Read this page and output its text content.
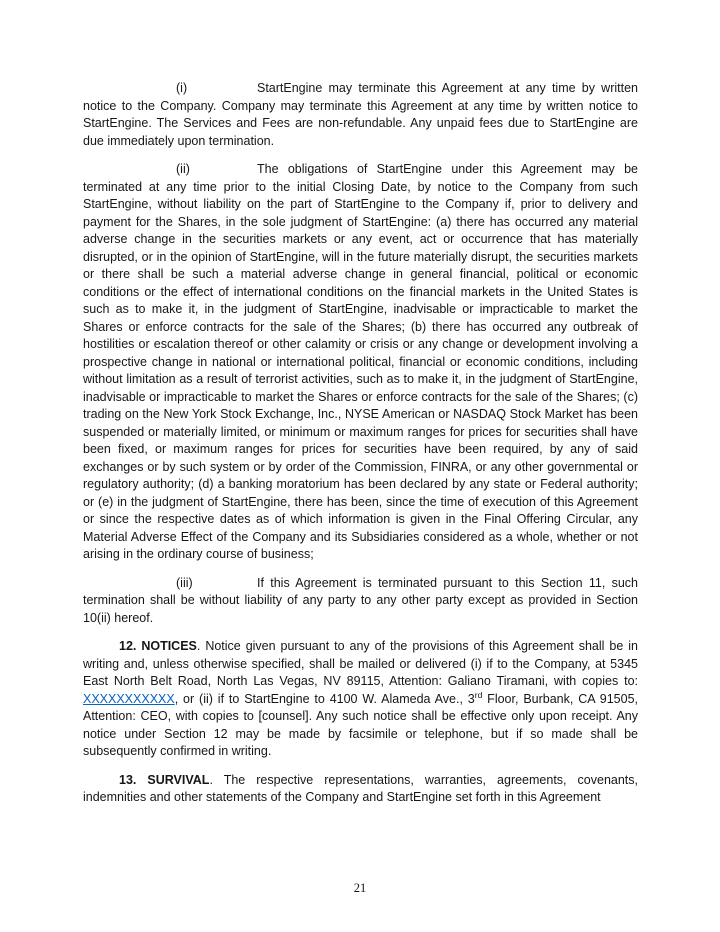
(i)	StartEngine may terminate this Agreement at any time by written notice to the Company. Company may terminate this Agreement at any time by written notice to StartEngine. The Services and Fees are non-refundable. Any unpaid fees due to StartEngine are due immediately upon termination.

(ii)	The obligations of StartEngine under this Agreement may be terminated at any time prior to the initial Closing Date, by notice to the Company from such StartEngine, without liability on the part of StartEngine to the Company if, prior to delivery and payment for the Shares, in the sole judgment of StartEngine: (a) there has occurred any material adverse change in the securities markets or any event, act or occurrence that has materially disrupted, or in the opinion of StartEngine, will in the future materially disrupt, the securities markets or there shall be such a material adverse change in general financial, political or economic conditions or the effect of international conditions on the financial markets in the United States is such as to make it, in the judgment of StartEngine, inadvisable or impracticable to market the Shares or enforce contracts for the sale of the Shares; (b) there has occurred any outbreak of hostilities or escalation thereof or other calamity or crisis or any change or development involving a prospective change in national or international political, financial or economic conditions, including without limitation as a result of terrorist activities, such as to make it, in the judgment of StartEngine, inadvisable or impracticable to market the Shares or enforce contracts for the sale of the Shares; (c) trading on the New York Stock Exchange, Inc., NYSE American or NASDAQ Stock Market has been suspended or materially limited, or minimum or maximum ranges for prices for securities shall have been fixed, or maximum ranges for prices for securities have been required, by any of said exchanges or by such system or by order of the Commission, FINRA, or any other governmental or regulatory authority; (d) a banking moratorium has been declared by any state or Federal authority; or (e) in the judgment of StartEngine, there has been, since the time of execution of this Agreement or since the respective dates as of which information is given in the Final Offering Circular, any Material Adverse Effect of the Company and its Subsidiaries considered as a whole, whether or not arising in the ordinary course of business;

(iii)	If this Agreement is terminated pursuant to this Section 11, such termination shall be without liability of any party to any other party except as provided in Section 10(ii) hereof.

12. NOTICES. Notice given pursuant to any of the provisions of this Agreement shall be in writing and, unless otherwise specified, shall be mailed or delivered (i) if to the Company, at 5345 East North Belt Road, North Las Vegas, NV 89115, Attention: Galiano Tiramani, with copies to: XXXXXXXXXXX, or (ii) if to StartEngine to 4100 W. Alameda Ave., 3rd Floor, Burbank, CA 91505, Attention: CEO, with copies to [counsel]. Any such notice shall be effective only upon receipt. Any notice under Section 12 may be made by facsimile or telephone, but if so made shall be subsequently confirmed in writing.

13. SURVIVAL. The respective representations, warranties, agreements, covenants, indemnities and other statements of the Company and StartEngine set forth in this Agreement

21
